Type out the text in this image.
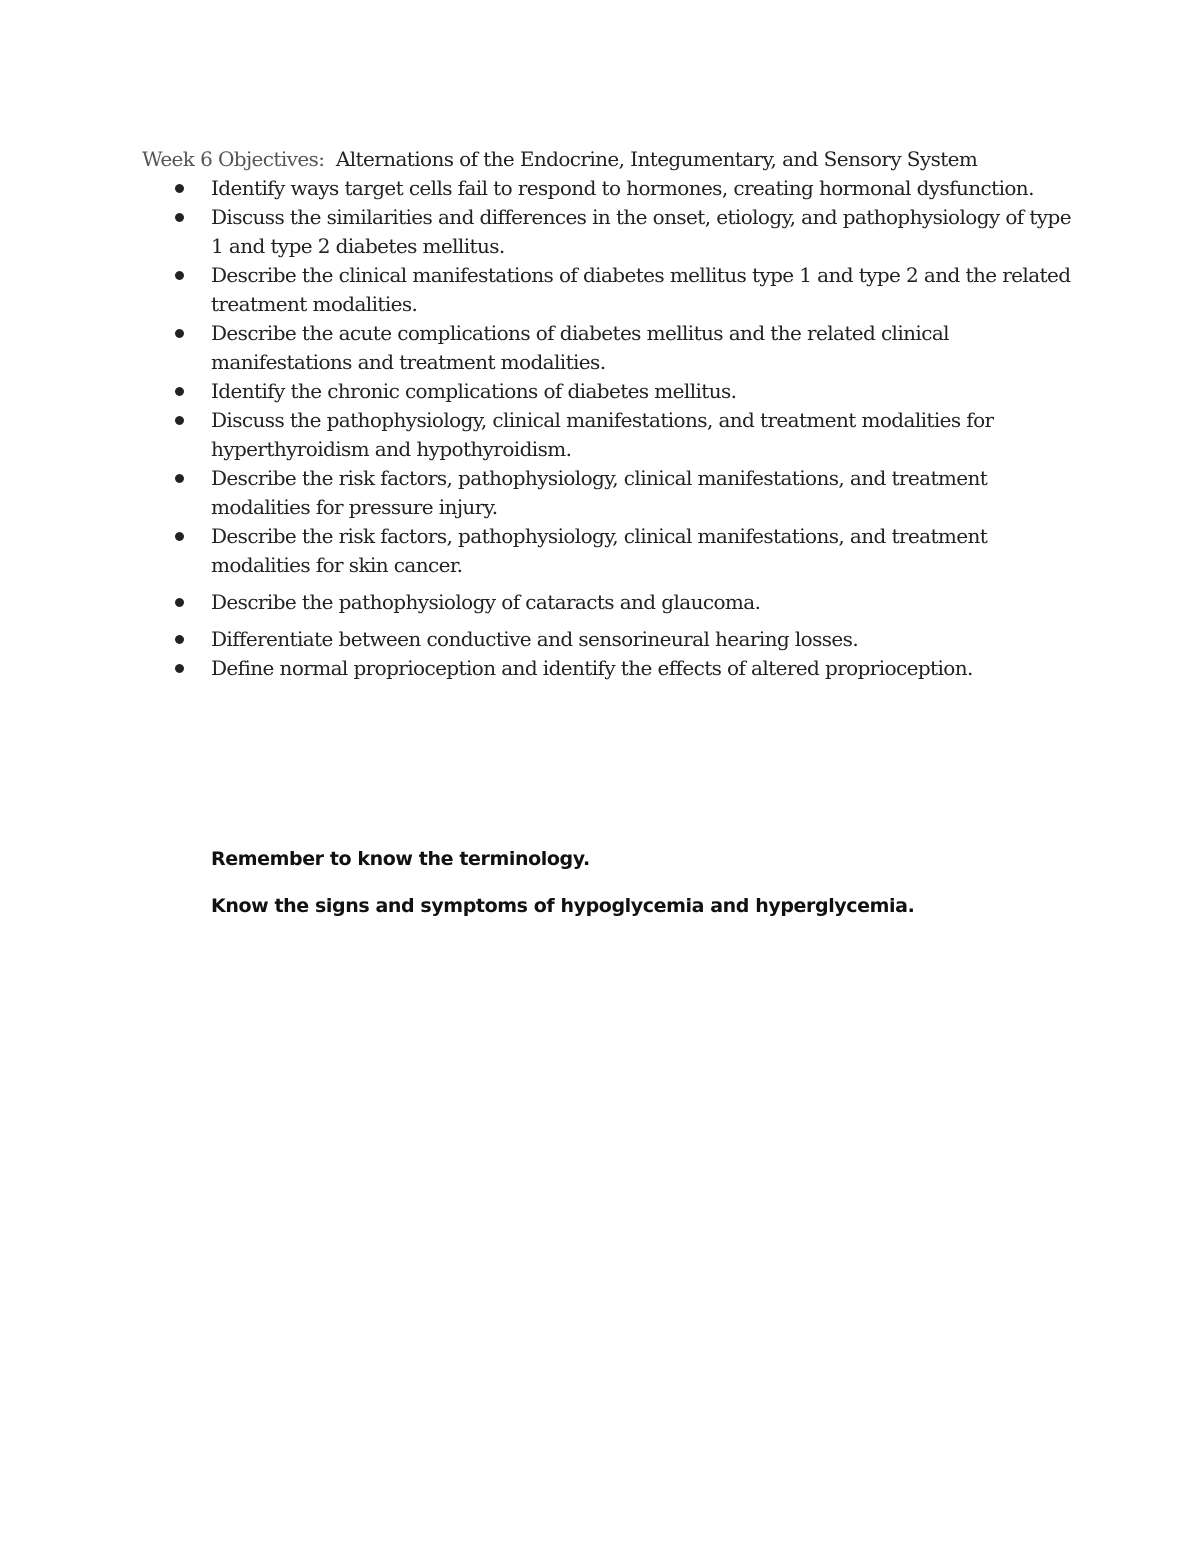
Week 6 Objectives: Alternations of the Endocrine, Integumentary, and Sensory System
Identify ways target cells fail to respond to hormones, creating hormonal dysfunction.
Discuss the similarities and differences in the onset, etiology, and pathophysiology of type 1 and type 2 diabetes mellitus.
Describe the clinical manifestations of diabetes mellitus type 1 and type 2 and the related treatment modalities.
Describe the acute complications of diabetes mellitus and the related clinical manifestations and treatment modalities.
Identify the chronic complications of diabetes mellitus.
Discuss the pathophysiology, clinical manifestations, and treatment modalities for hyperthyroidism and hypothyroidism.
Describe the risk factors, pathophysiology, clinical manifestations, and treatment modalities for pressure injury.
Describe the risk factors, pathophysiology, clinical manifestations, and treatment modalities for skin cancer.
Describe the pathophysiology of cataracts and glaucoma.
Differentiate between conductive and sensorineural hearing losses.
Define normal proprioception and identify the effects of altered proprioception.
Remember to know the terminology.
Know the signs and symptoms of hypoglycemia and hyperglycemia.
